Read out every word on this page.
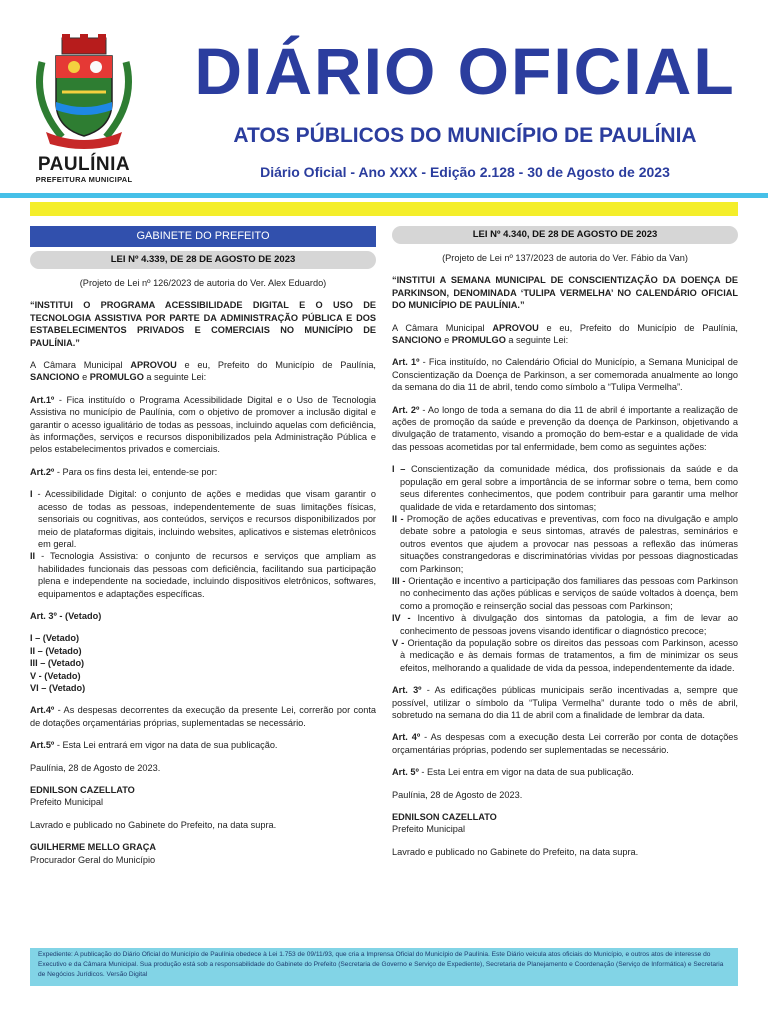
PAULÍNIA
PREFEITURA MUNICIPAL
DIÁRIO OFICIAL
ATOS PÚBLICOS DO MUNICÍPIO DE PAULÍNIA
Diário Oficial - Ano XXX - Edição 2.128 - 30 de Agosto de 2023
GABINETE DO PREFEITO
LEI Nº 4.339, DE 28 DE AGOSTO DE 2023

(Projeto de Lei nº 126/2023 de autoria do Ver. Alex Eduardo)

“INSTITUI O PROGRAMA ACESSIBILIDADE DIGITAL E O USO DE TECNOLOGIA ASSISTIVA POR PARTE DA ADMINISTRAÇÃO PÚBLICA E DOS ESTABELECIMENTOS PRIVADOS E COMERCIAIS NO MUNICÍPIO DE PAULÍNIA.”

A Câmara Municipal APROVOU e eu, Prefeito do Município de Paulínia, SANCIONO e PROMULGO a seguinte Lei:

Art.1º - Fica instituído o Programa Acessibilidade Digital e o Uso de Tecnologia Assistiva no município de Paulínia, com o objetivo de promover a inclusão digital e garantir o acesso igualitário de todas as pessoas, incluindo aquelas com deficiência, às informações, serviços e recursos disponibilizados pela Administração Pública e pelos estabelecimentos privados e comerciais.

Art.2º - Para os fins desta lei, entende-se por:

I - Acessibilidade Digital: o conjunto de ações e medidas que visam garantir o acesso de todas as pessoas, independentemente de suas limitações físicas, sensoriais ou cognitivas, aos conteúdos, serviços e recursos disponibilizados por meio de plataformas digitais, incluindo websites, aplicativos e sistemas eletrônicos em geral.
II - Tecnologia Assistiva: o conjunto de recursos e serviços que ampliam as habilidades funcionais das pessoas com deficiência, facilitando sua participação plena e independente na sociedade, incluindo dispositivos eletrônicos, softwares, equipamentos e adaptações específicas.

Art. 3º - (Vetado)

I – (Vetado)
II – (Vetado)
III – (Vetado)
V - (Vetado)
VI – (Vetado)

Art.4º - As despesas decorrentes da execução da presente Lei, correrão por conta de dotações orçamentárias próprias, suplementadas se necessário.

Art.5º - Esta Lei entrará em vigor na data de sua publicação.

Paulínia, 28 de Agosto de 2023.

EDNILSON CAZELLATO
Prefeito Municipal

Lavrado e publicado no Gabinete do Prefeito, na data supra.

GUILHERME MELLO GRAÇA
Procurador Geral do Município
LEI Nº 4.340, DE 28 DE AGOSTO DE 2023

(Projeto de Lei nº 137/2023 de autoria do Ver. Fábio da Van)

“INSTITUI A SEMANA MUNICIPAL DE CONSCIENTIZAÇÃO DA DOENÇA DE PARKINSON, DENOMINADA ‘TULIPA VERMELHA’ NO CALENDÁRIO OFICIAL DO MUNICÍPIO DE PAULÍNIA.”

A Câmara Municipal APROVOU e eu, Prefeito do Município de Paulínia, SANCIONO e PROMULGO a seguinte Lei:

Art. 1º - Fica instituído, no Calendário Oficial do Município, a Semana Municipal de Conscientização da Doença de Parkinson, a ser comemorada anualmente ao longo da semana do dia 11 de abril, tendo como símbolo a “Tulipa Vermelha”.

Art. 2º - Ao longo de toda a semana do dia 11 de abril é importante a realização de ações de promoção da saúde e prevenção da doença de Parkinson, objetivando a divulgação de tratamento, visando a promoção do bem-estar e a qualidade de vida das pessoas acometidas por tal enfermidade, bem como as seguintes ações:

I – Conscientização da comunidade médica, dos profissionais da saúde e da população em geral sobre a importância de se informar sobre o tema, bem como seus diferentes conhecimentos, que podem contribuir para garantir uma melhor qualidade de vida e retardamento dos sintomas;
II - Promoção de ações educativas e preventivas, com foco na divulgação e amplo debate sobre a patologia e seus sintomas, através de palestras, seminários e outros eventos que ajudem a provocar nas pessoas a reflexão das inúmeras situações constrangedoras e discriminatórias vividas por pessoas diagnosticadas com Parkinson;
III - Orientação e incentivo a participação dos familiares das pessoas com Parkinson no conhecimento das ações públicas e serviços de saúde voltados à doença, bem como a promoção e reinserção social das pessoas com Parkinson;
IV - Incentivo à divulgação dos sintomas da patologia, a fim de levar ao conhecimento de pessoas jovens visando identificar o diagnóstico precoce;
V - Orientação da população sobre os direitos das pessoas com Parkinson, acesso à medicação e às demais formas de tratamentos, a fim de minimizar os seus efeitos, melhorando a qualidade de vida da pessoa, independentemente da idade.

Art. 3º - As edificações públicas municipais serão incentivadas a, sempre que possível, utilizar o símbolo da “Tulipa Vermelha” durante todo o mês de abril, sobretudo na semana do dia 11 de abril com a finalidade de lembrar da data.

Art. 4º - As despesas com a execução desta Lei correrão por conta de dotações orçamentárias próprias, podendo ser suplementadas se necessário.

Art. 5º - Esta Lei entra em vigor na data de sua publicação.

Paulínia, 28 de Agosto de 2023.

EDNILSON CAZELLATO
Prefeito Municipal

Lavrado e publicado no Gabinete do Prefeito, na data supra.

Expediente: A publicação do Diário Oficial do Município de Paulínia obedece à Lei 1.753 de 09/11/93, que cria a Imprensa Oficial do Município de Paulínia. Este Diário veicula atos oficiais do Município, e outros atos de interesse do Executivo e da Câmara Municipal. Sua produção está sob a responsabilidade do Gabinete do Prefeito (Secretaria de Governo e Serviço de Expediente), Secretaria de Planejamento e Coordenação (Serviço de Informática) e Secretaria de Negócios Jurídicos. Versão Digital
